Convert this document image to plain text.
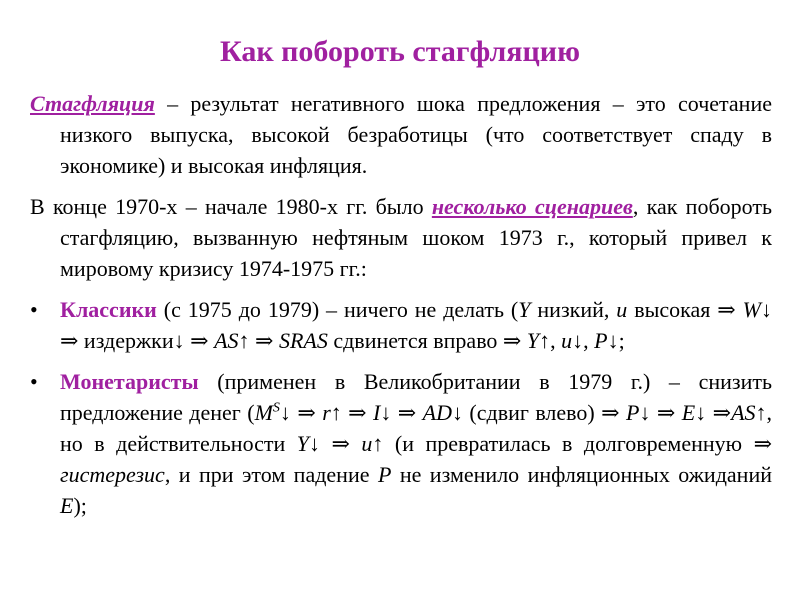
Как побороть стагфляцию

Стагфляция – результат негативного шока предложения – это сочетание низкого выпуска, высокой безработицы (что соответствует спаду в экономике) и высокая инфляция.

В конце 1970-х – начале 1980-х гг. было несколько сценариев, как побороть стагфляцию, вызванную нефтяным шоком 1973 г., который привел к мировому кризису 1974-1975 гг.:

•	Классики (с 1975 до 1979) – ничего не делать (Y низкий, u высокая ⇒ W↓ ⇒ издержки↓ ⇒ AS↑ ⇒ SRAS сдвинется вправо ⇒ Y↑, u↓, P↓;
•	Монетаристы (применен в Великобритании в 1979 г.) – снизить предложение денег ($M^S↓$ ⇒ r↑ ⇒ I↓ ⇒ AD↓ (сдвиг влево) ⇒ P↓ ⇒ E↓ ⇒AS↑, но в действительности Y↓ ⇒ u↑ (и превратилась в долговременную ⇒ гистерезис, и при этом падение P не изменило инфляционных ожиданий E);
